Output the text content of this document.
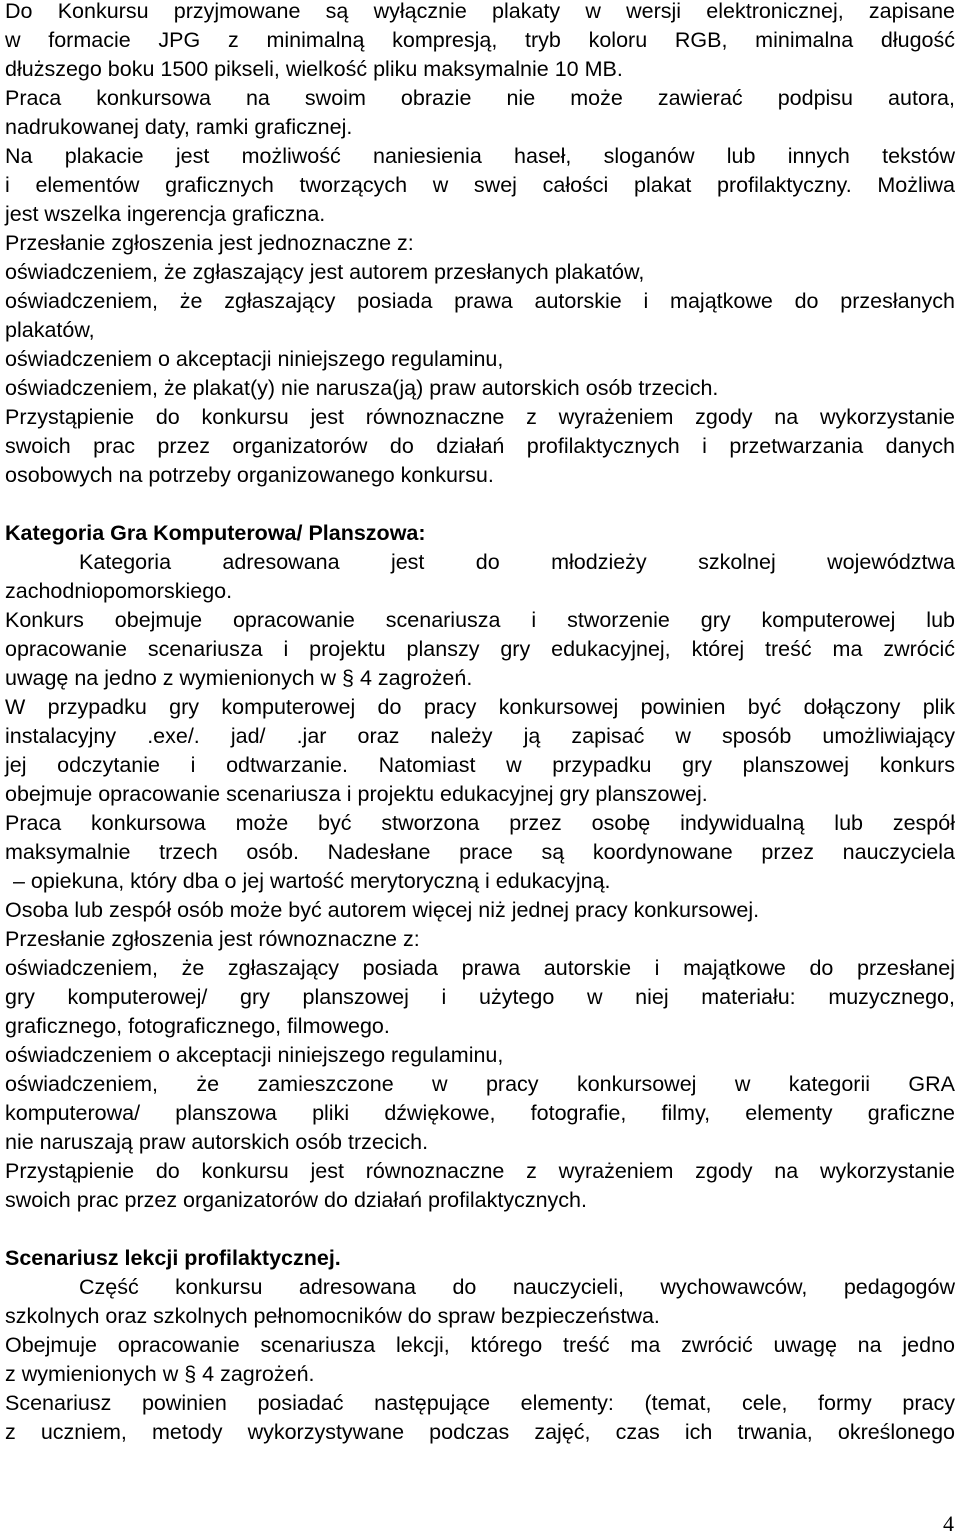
Do Konkursu przyjmowane są wyłącznie plakaty w wersji elektronicznej, zapisane
w formacie JPG z minimalną kompresją, tryb koloru RGB, minimalna długość
dłuższego boku 1500 pikseli, wielkość pliku maksymalnie 10 MB.
Praca konkursowa na swoim obrazie nie może zawierać podpisu autora,
nadrukowanej daty, ramki graficznej.
Na plakacie jest możliwość naniesienia haseł, sloganów lub innych tekstów
i elementów graficznych tworzących w swej całości plakat profilaktyczny. Możliwa
jest wszelka ingerencja graficzna.
Przesłanie zgłoszenia jest jednoznaczne z:
oświadczeniem, że zgłaszający jest autorem przesłanych plakatów,
oświadczeniem, że zgłaszający posiada prawa autorskie i majątkowe do przesłanych
plakatów,
oświadczeniem o akceptacji niniejszego regulaminu,
oświadczeniem, że plakat(y) nie narusza(ją) praw autorskich osób trzecich.
Przystąpienie do konkursu jest równoznaczne z wyrażeniem zgody na wykorzystanie
swoich prac przez organizatorów do działań profilaktycznych i przetwarzania danych
osobowych na potrzeby organizowanego konkursu.
Kategoria Gra Komputerowa/ Planszowa:
Kategoria adresowana jest do młodzieży szkolnej województwa
zachodniopomorskiego.
Konkurs obejmuje opracowanie scenariusza i stworzenie gry komputerowej lub
opracowanie scenariusza i projektu planszy gry edukacyjnej, której treść ma zwrócić
uwagę na jedno z wymienionych w § 4 zagrożeń.
W przypadku gry komputerowej do pracy konkursowej powinien być dołączony plik
instalacyjny .exe/. jad/ .jar oraz należy ją zapisać w sposób umożliwiający
jej odczytanie i odtwarzanie. Natomiast w przypadku gry planszowej konkurs
obejmuje opracowanie scenariusza i projektu edukacyjnej gry planszowej.
Praca konkursowa może być stworzona przez osobę indywidualną lub zespół
maksymalnie trzech osób. Nadesłane prace są koordynowane przez nauczyciela
– opiekuna, który dba o jej wartość merytoryczną i edukacyjną.
Osoba lub zespół osób może być autorem więcej niż jednej pracy konkursowej.
Przesłanie zgłoszenia jest równoznaczne z:
oświadczeniem, że zgłaszający posiada prawa autorskie i majątkowe do przesłanej
gry komputerowej/ gry planszowej i użytego w niej materiału: muzycznego,
graficznego, fotograficznego, filmowego.
oświadczeniem o akceptacji niniejszego regulaminu,
oświadczeniem, że zamieszczone w pracy konkursowej w kategorii GRA
komputerowa/ planszowa pliki dźwiękowe, fotografie, filmy, elementy graficzne
nie naruszają praw autorskich osób trzecich.
Przystąpienie do konkursu jest równoznaczne z wyrażeniem zgody na wykorzystanie
swoich prac przez organizatorów do działań profilaktycznych.
Scenariusz lekcji profilaktycznej.
Część konkursu adresowana do nauczycieli, wychowawców, pedagogów
szkolnych oraz szkolnych pełnomocników do spraw bezpieczeństwa.
Obejmuje opracowanie scenariusza lekcji, którego treść ma zwrócić uwagę na jedno
z wymienionych w § 4 zagrożeń.
Scenariusz powinien posiadać następujące elementy: (temat, cele, formy pracy
z uczniem, metody wykorzystywane podczas zajęć, czas ich trwania, określonego
4
